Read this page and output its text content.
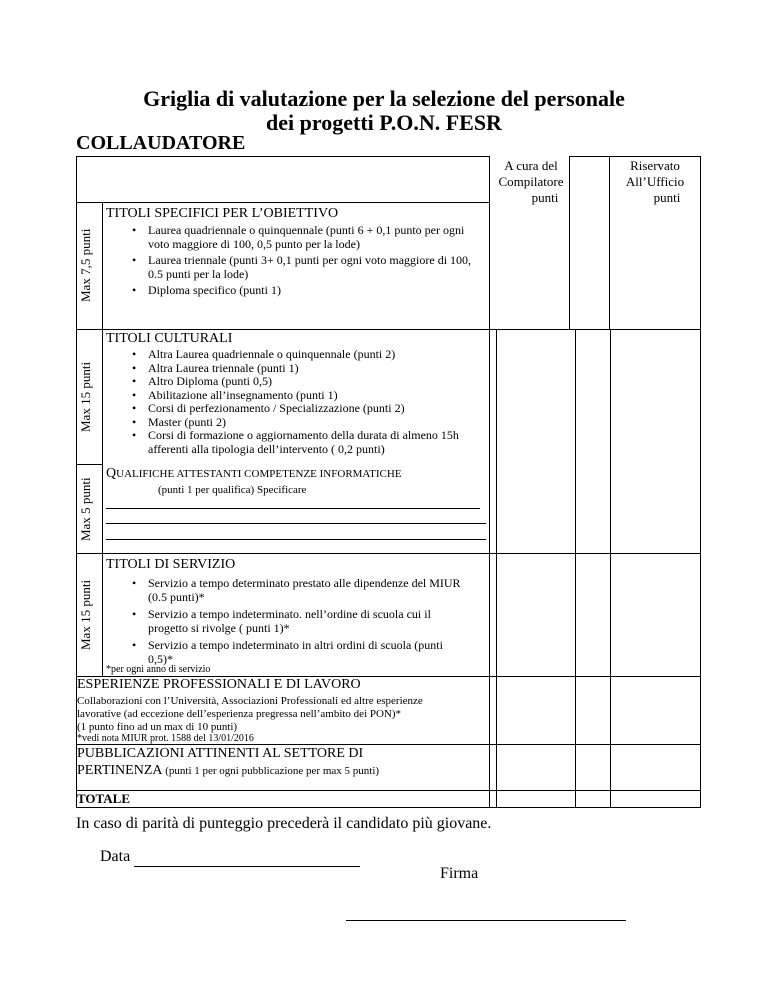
Griglia di valutazione per la selezione del personale
dei progetti P.O.N. FESR
COLLAUDATORE
A cura del
Compilatore
punti
Riservato
All’Ufficio
punti
Max 7,5 punti
Max 15 punti
Max 5 punti
Max 15 punti
TITOLI SPECIFICI PER L’OBIETTIVO
• Laurea quadriennale o quinquennale (punti 6 + 0,1 punto per ogni voto maggiore di 100, 0,5 punto per la lode)
• Laurea triennale (punti 3+ 0,1 punti per ogni voto maggiore di 100, 0.5 punti per la lode)
• Diploma specifico (punti 1)
TITOLI CULTURALI
• Altra Laurea quadriennale o quinquennale (punti 2)
• Altra Laurea triennale (punti 1)
• Altro Diploma (punti 0,5)
• Abilitazione all’insegnamento (punti 1)
• Corsi di perfezionamento / Specializzazione (punti 2)
• Master (punti 2)
• Corsi di formazione o aggiornamento della durata di almeno 15h afferenti alla tipologia dell’intervento ( 0,2 punti)
QUALIFICHE ATTESTANTI COMPETENZE INFORMATICHE
(punti 1 per qualifica) Specificare
TITOLI DI SERVIZIO
• Servizio a tempo determinato prestato alle dipendenze del MIUR (0.5 punti)*
• Servizio a tempo indeterminato. nell’ordine di scuola cui il progetto si rivolge ( punti 1)*
• Servizio a tempo indeterminato in altri ordini di scuola (punti 0,5)*
*per ogni anno di servizio
ESPERIENZE PROFESSIONALI E DI LAVORO
Collaborazioni con l’Università, Associazioni Professionali ed altre esperienze
lavorative (ad eccezione dell’esperienza pregressa nell’ambito dei PON)*
(1 punto fino ad un max di 10 punti)
*vedi nota MIUR prot. 1588 del 13/01/2016
PUBBLICAZIONI ATTINENTI AL SETTORE DI
PERTINENZA (punti 1 per ogni pubblicazione per max 5 punti)
TOTALE
In caso di parità di punteggio precederà il candidato più giovane.
Data
Firma
